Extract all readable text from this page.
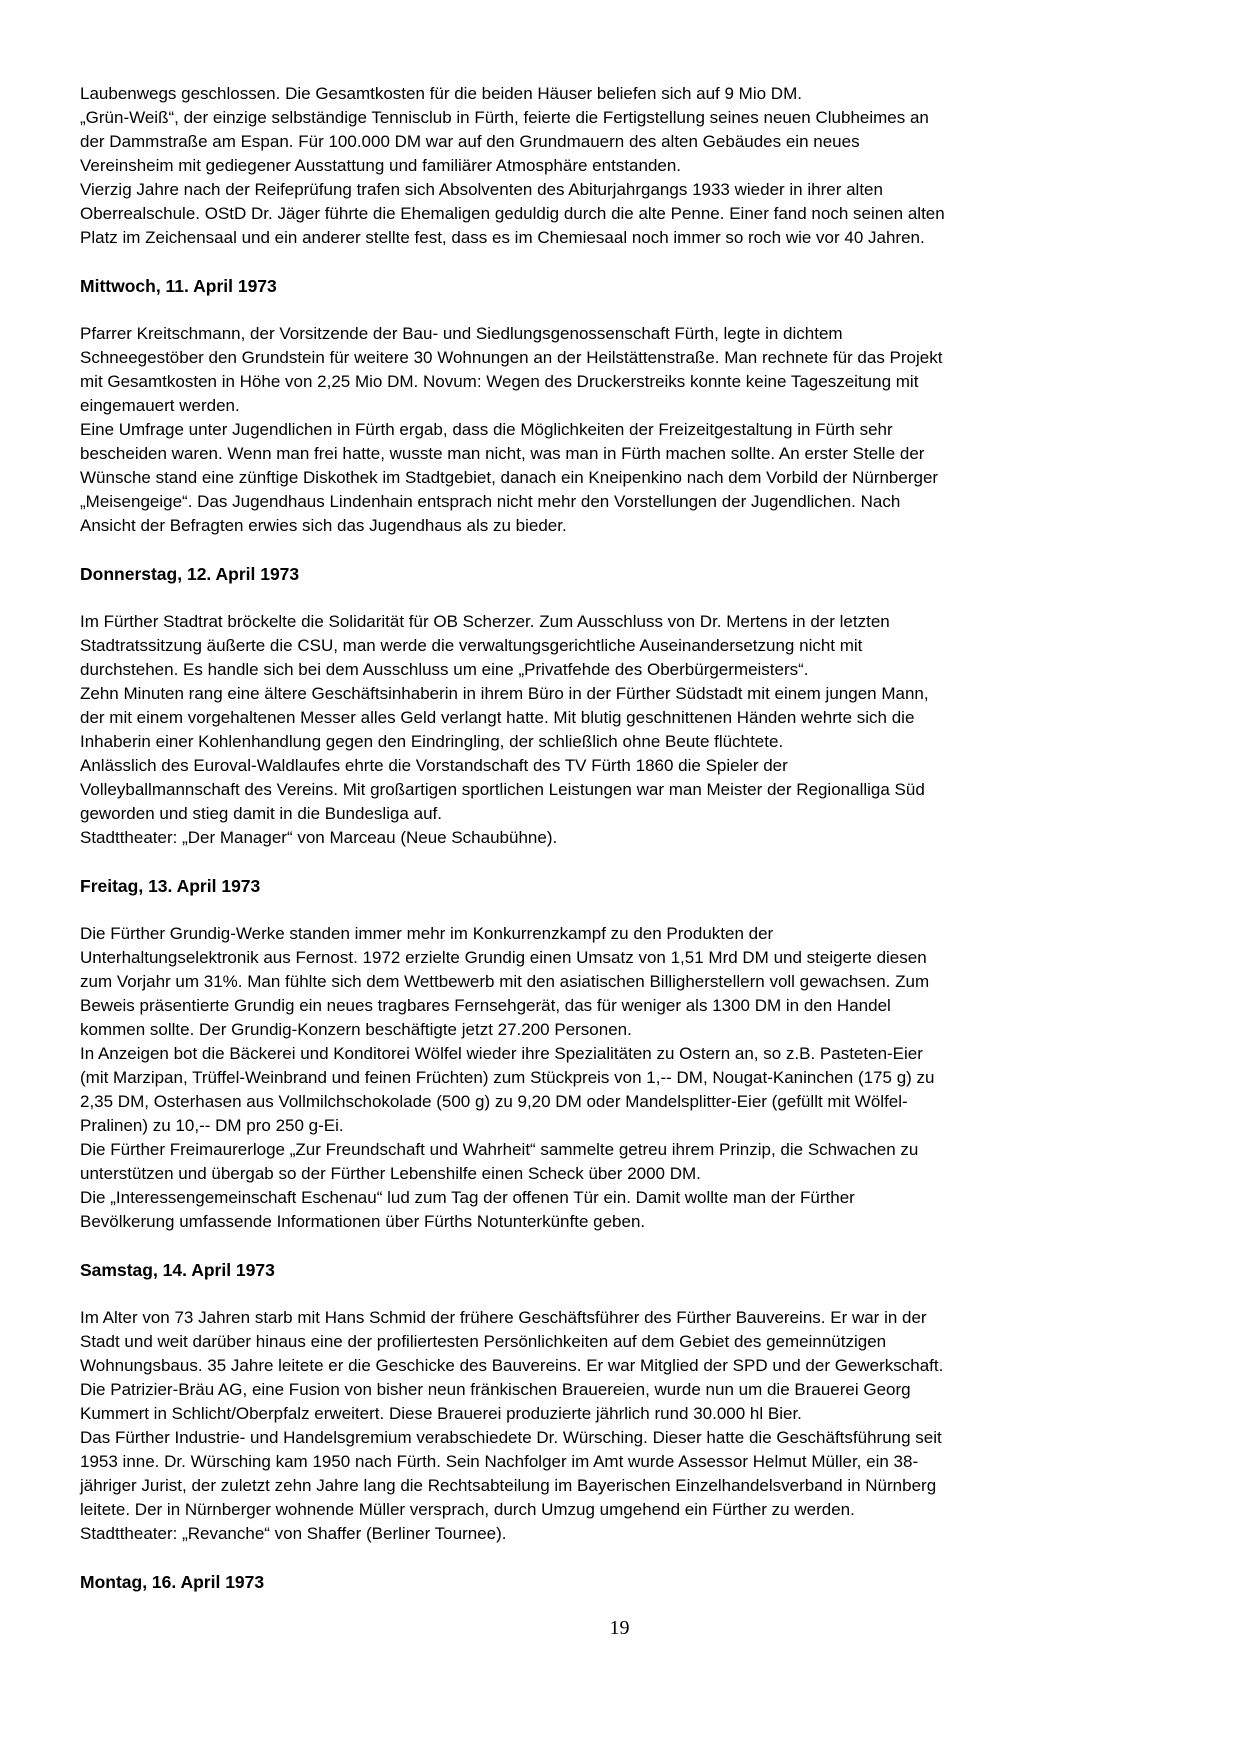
Laubenwegs geschlossen. Die Gesamtkosten für die beiden Häuser beliefen sich auf 9 Mio DM.
„Grün-Weiß“, der einzige selbständige Tennisclub in Fürth, feierte die Fertigstellung seines neuen Clubheimes an
der Dammstraße am Espan. Für 100.000 DM war auf den Grundmauern des alten Gebäudes ein neues
Vereinsheim mit gediegener Ausstattung und familiärer Atmosphäre entstanden.
Vierzig Jahre nach der Reifeprüfung trafen sich Absolventen des Abiturjahrgangs 1933 wieder in ihrer alten
Oberrealschule. OStD Dr. Jäger führte die Ehemaligen geduldig durch die alte Penne. Einer fand noch seinen alten
Platz im Zeichensaal und ein anderer stellte fest, dass es im Chemiesaal noch immer so roch wie vor 40 Jahren.

Mittwoch, 11. April 1973

Pfarrer Kreitschmann, der Vorsitzende der Bau- und Siedlungsgenossenschaft Fürth, legte in dichtem
Schneegestöber den Grundstein für weitere 30 Wohnungen an der Heilstättenstraße. Man rechnete für das Projekt
mit Gesamtkosten in Höhe von 2,25 Mio DM. Novum: Wegen des Druckerstreiks konnte keine Tageszeitung mit
eingemauert werden.
Eine Umfrage unter Jugendlichen in Fürth ergab, dass die Möglichkeiten der Freizeitgestaltung in Fürth sehr
bescheiden waren. Wenn man frei hatte, wusste man nicht, was man in Fürth machen sollte. An erster Stelle der
Wünsche stand eine zünftige Diskothek im Stadtgebiet, danach ein Kneipenkino nach dem Vorbild der Nürnberger
„Meisengeige“. Das Jugendhaus Lindenhain entsprach nicht mehr den Vorstellungen der Jugendlichen. Nach
Ansicht der Befragten erwies sich das Jugendhaus als zu bieder.

Donnerstag, 12. April 1973

Im Fürther Stadtrat bröckelte die Solidarität für OB Scherzer. Zum Ausschluss von Dr. Mertens in der letzten
Stadtratssitzung äußerte die CSU, man werde die verwaltungsgerichtliche Auseinandersetzung nicht mit
durchstehen. Es handle sich bei dem Ausschluss um eine „Privatfehde des Oberbürgermeisters“.
Zehn Minuten rang eine ältere Geschäftsinhaberin in ihrem Büro in der Fürther Südstadt mit einem jungen Mann,
der mit einem vorgehaltenen Messer alles Geld verlangt hatte. Mit blutig geschnittenen Händen wehrte sich die
Inhaberin einer Kohlenhandlung gegen den Eindringling, der schließlich ohne Beute flüchtete.
Anlässlich des Euroval-Waldlaufes ehrte die Vorstandschaft des TV Fürth 1860 die Spieler der
Volleyballmannschaft des Vereins. Mit großartigen sportlichen Leistungen war man Meister der Regionalliga Süd
geworden und stieg damit in die Bundesliga auf.
Stadttheater: „Der Manager“ von Marceau (Neue Schaubühne).

Freitag, 13. April 1973

Die Fürther Grundig-Werke standen immer mehr im Konkurrenzkampf zu den Produkten der
Unterhaltungselektronik aus Fernost. 1972 erzielte Grundig einen Umsatz von 1,51 Mrd DM und steigerte diesen
zum Vorjahr um 31%. Man fühlte sich dem Wettbewerb mit den asiatischen Billigherstellern voll gewachsen. Zum
Beweis präsentierte Grundig ein neues tragbares Fernsehgerät, das für weniger als 1300 DM in den Handel
kommen sollte. Der Grundig-Konzern beschäftigte jetzt 27.200 Personen.
In Anzeigen bot die Bäckerei und Konditorei Wölfel wieder ihre Spezialitäten zu Ostern an, so z.B. Pasteten-Eier
(mit Marzipan, Trüffel-Weinbrand und feinen Früchten) zum Stückpreis von 1,-- DM, Nougat-Kaninchen (175 g) zu
2,35 DM, Osterhasen aus Vollmilchschokolade (500 g) zu 9,20 DM oder Mandelsplitter-Eier (gefüllt mit Wölfel-
Pralinen) zu 10,-- DM pro 250 g-Ei.
Die Fürther Freimaurerloge „Zur Freundschaft und Wahrheit“ sammelte getreu ihrem Prinzip, die Schwachen zu
unterstützen und übergab so der Fürther Lebenshilfe einen Scheck über 2000 DM.
Die „Interessengemeinschaft Eschenau“ lud zum Tag der offenen Tür ein. Damit wollte man der Fürther
Bevölkerung umfassende Informationen über Fürths Notunterkünfte geben.

Samstag, 14. April 1973

Im Alter von 73 Jahren starb mit Hans Schmid der frühere Geschäftsführer des Fürther Bauvereins. Er war in der
Stadt und weit darüber hinaus eine der profiliertesten Persönlichkeiten auf dem Gebiet des gemeinnützigen
Wohnungsbaus. 35 Jahre leitete er die Geschicke des Bauvereins. Er war Mitglied der SPD und der Gewerkschaft.
Die Patrizier-Bräu AG, eine Fusion von bisher neun fränkischen Brauereien, wurde nun um die Brauerei Georg
Kummert in Schlicht/Oberpfalz erweitert. Diese Brauerei produzierte jährlich rund 30.000 hl Bier.
Das Fürther Industrie- und Handelsgremium verabschiedete Dr. Würsching. Dieser hatte die Geschäftsführung seit
1953 inne. Dr. Würsching kam 1950 nach Fürth. Sein Nachfolger im Amt wurde Assessor Helmut Müller, ein 38-
jähriger Jurist, der zuletzt zehn Jahre lang die Rechtsabteilung im Bayerischen Einzelhandelsverband in Nürnberg
leitete. Der in Nürnberger wohnende Müller versprach, durch Umzug umgehend ein Fürther zu werden.
Stadttheater: „Revanche“ von Shaffer (Berliner Tournee).

Montag, 16. April 1973
19
